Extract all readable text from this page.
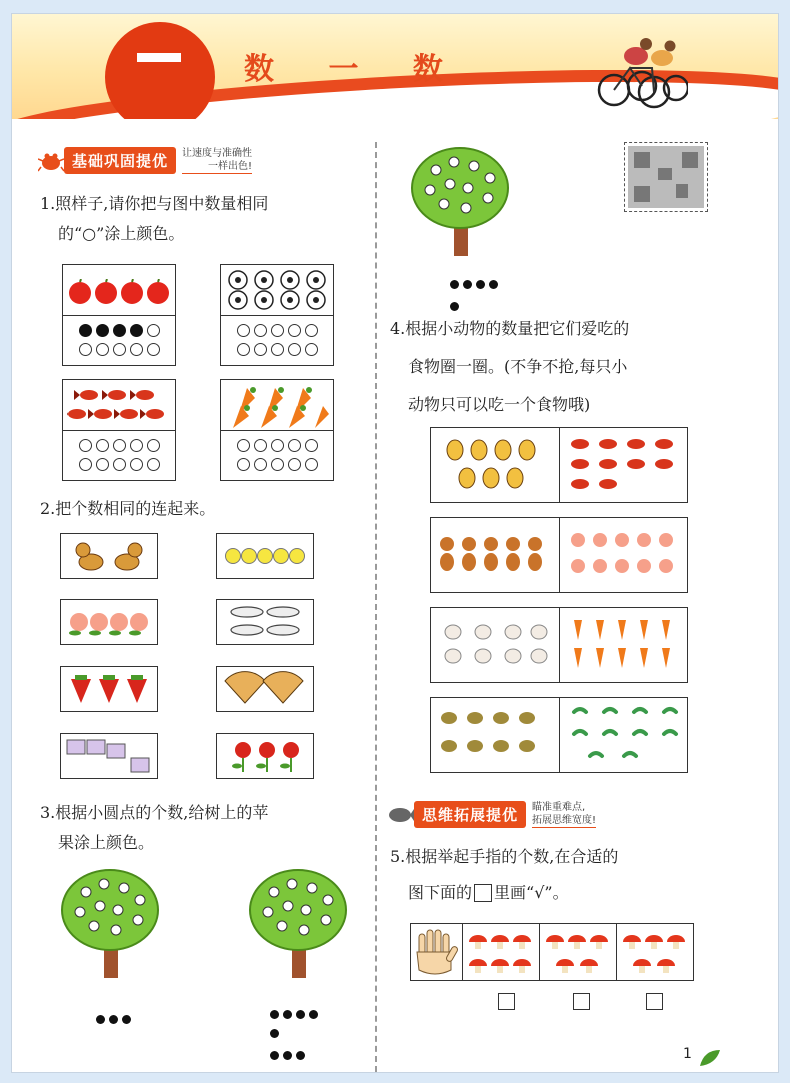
数 一 数
基础巩固提优	让速度与准确性
一样出色!
1.照样子,请你把与图中数量相同
的“○”涂上颜色。
2.把个数相同的连起来。
3.根据小圆点的个数,给树上的苹
果涂上颜色。
4.根据小动物的数量把它们爱吃的
食物圈一圈。(不争不抢,每只小
动物只可以吃一个食物哦)
思维拓展提优	瞄准重难点,
拓展思维宽度!
5.根据举起手指的个数,在合适的
图下面的 里画“ √ ”。
1
